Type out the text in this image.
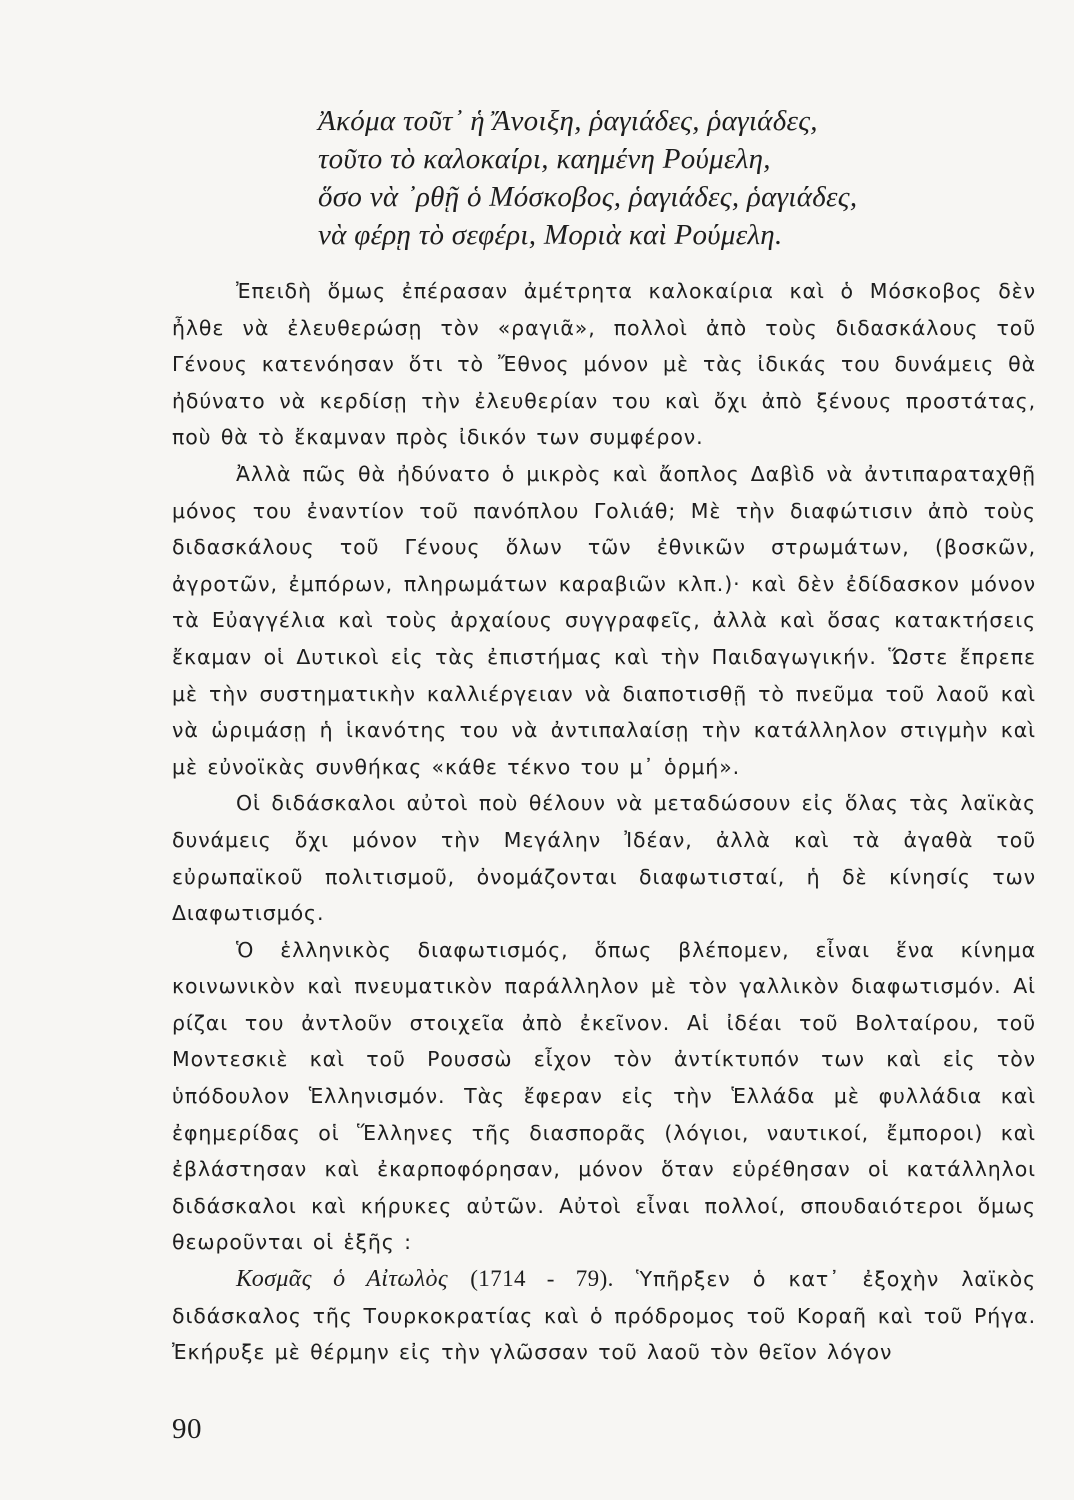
Ἀκόμα τοῦτ᾽ ἡ Ἄνοιξη, ῥαγιάδες, ῥαγιάδες,
τοῦτο τὸ καλοκαίρι, καημένη Ρούμελη,
ὅσο νὰ ᾽ρθῇ ὁ Μόσκοβος, ῥαγιάδες, ῥαγιάδες,
νὰ φέρῃ τὸ σεφέρι, Μοριὰ καὶ Ρούμελη.

Ἐπειδὴ ὅμως ἐπέρασαν ἀμέτρητα καλοκαίρια καὶ ὁ Μόσκοβος δὲν ἦλθε νὰ ἐλευθερώσῃ τὸν «ραγιᾶ», πολλοὶ ἀπὸ τοὺς διδασκάλους τοῦ Γένους κατενόησαν ὅτι τὸ Ἔθνος μόνον μὲ τὰς ἰδικάς του δυνάμεις θὰ ἠδύνατο νὰ κερδίσῃ τὴν ἐλευθερίαν του καὶ ὄχι ἀπὸ ξένους προστάτας, ποὺ θὰ τὸ ἔκαμναν πρὸς ἰδικόν των συμφέρον.

Ἀλλὰ πῶς θὰ ἠδύνατο ὁ μικρὸς καὶ ἄοπλος Δαβὶδ νὰ ἀντιπαραταχθῇ μόνος του ἐναντίον τοῦ πανόπλου Γολιάθ; Μὲ τὴν διαφώτισιν ἀπὸ τοὺς διδασκάλους τοῦ Γένους ὅλων τῶν ἐθνικῶν στρωμάτων, (βοσκῶν, ἀγροτῶν, ἐμπόρων, πληρωμάτων καραβιῶν κλπ.)· καὶ δὲν ἐδίδασκον μόνον τὰ Εὐαγγέλια καὶ τοὺς ἀρχαίους συγγραφεῖς, ἀλλὰ καὶ ὅσας κατακτήσεις ἔκαμαν οἱ Δυτικοὶ εἰς τὰς ἐπιστήμας καὶ τὴν Παιδαγωγικήν. Ὥστε ἔπρεπε μὲ τὴν συστηματικὴν καλλιέργειαν νὰ διαποτισθῇ τὸ πνεῦμα τοῦ λαοῦ καὶ νὰ ὡριμάσῃ ἡ ἱκανότης του νὰ ἀντιπαλαίσῃ τὴν κατάλληλον στιγμὴν καὶ μὲ εὐνοϊκὰς συνθήκας «κάθε τέκνο του μ᾽ ὁρμή».

Οἱ διδάσκαλοι αὐτοὶ ποὺ θέλουν νὰ μεταδώσουν εἰς ὅλας τὰς λαϊκὰς δυνάμεις ὄχι μόνον τὴν Μεγάλην Ἰδέαν, ἀλλὰ καὶ τὰ ἀγαθὰ τοῦ εὐρωπαϊκοῦ πολιτισμοῦ, ὀνομάζονται διαφωτισταί, ἡ δὲ κίνησίς των Διαφωτισμός.

Ὁ ἑλληνικὸς διαφωτισμός, ὅπως βλέπομεν, εἶναι ἕνα κίνημα κοινωνικὸν καὶ πνευματικὸν παράλληλον μὲ τὸν γαλλικὸν διαφωτισμόν. Αἱ ρίζαι του ἀντλοῦν στοιχεῖα ἀπὸ ἐκεῖνον. Αἱ ἰδέαι τοῦ Βολταίρου, τοῦ Μοντεσκιὲ καὶ τοῦ Ρουσσὼ εἶχον τὸν ἀντίκτυπόν των καὶ εἰς τὸν ὑπόδουλον Ἑλληνισμόν. Τὰς ἔφεραν εἰς τὴν Ἑλλάδα μὲ φυλλάδια καὶ ἐφημερίδας οἱ Ἕλληνες τῆς διασπορᾶς (λόγιοι, ναυτικοί, ἔμποροι) καὶ ἐβλάστησαν καὶ ἐκαρποφόρησαν, μόνον ὅταν εὑρέθησαν οἱ κατάλληλοι διδάσκαλοι καὶ κήρυκες αὐτῶν. Αὐτοὶ εἶναι πολλοί, σπουδαιότεροι ὅμως θεωροῦνται οἱ ἑξῆς :

Κοσμᾶς ὁ Αἰτωλὸς (1714 - 79). Ὑπῆρξεν ὁ κατ᾽ ἐξοχὴν λαϊκὸς διδάσκαλος τῆς Τουρκοκρατίας καὶ ὁ πρόδρομος τοῦ Κοραῆ καὶ τοῦ Ρήγα. Ἐκήρυξε μὲ θέρμην εἰς τὴν γλῶσσαν τοῦ λαοῦ τὸν θεῖον λόγον

90
